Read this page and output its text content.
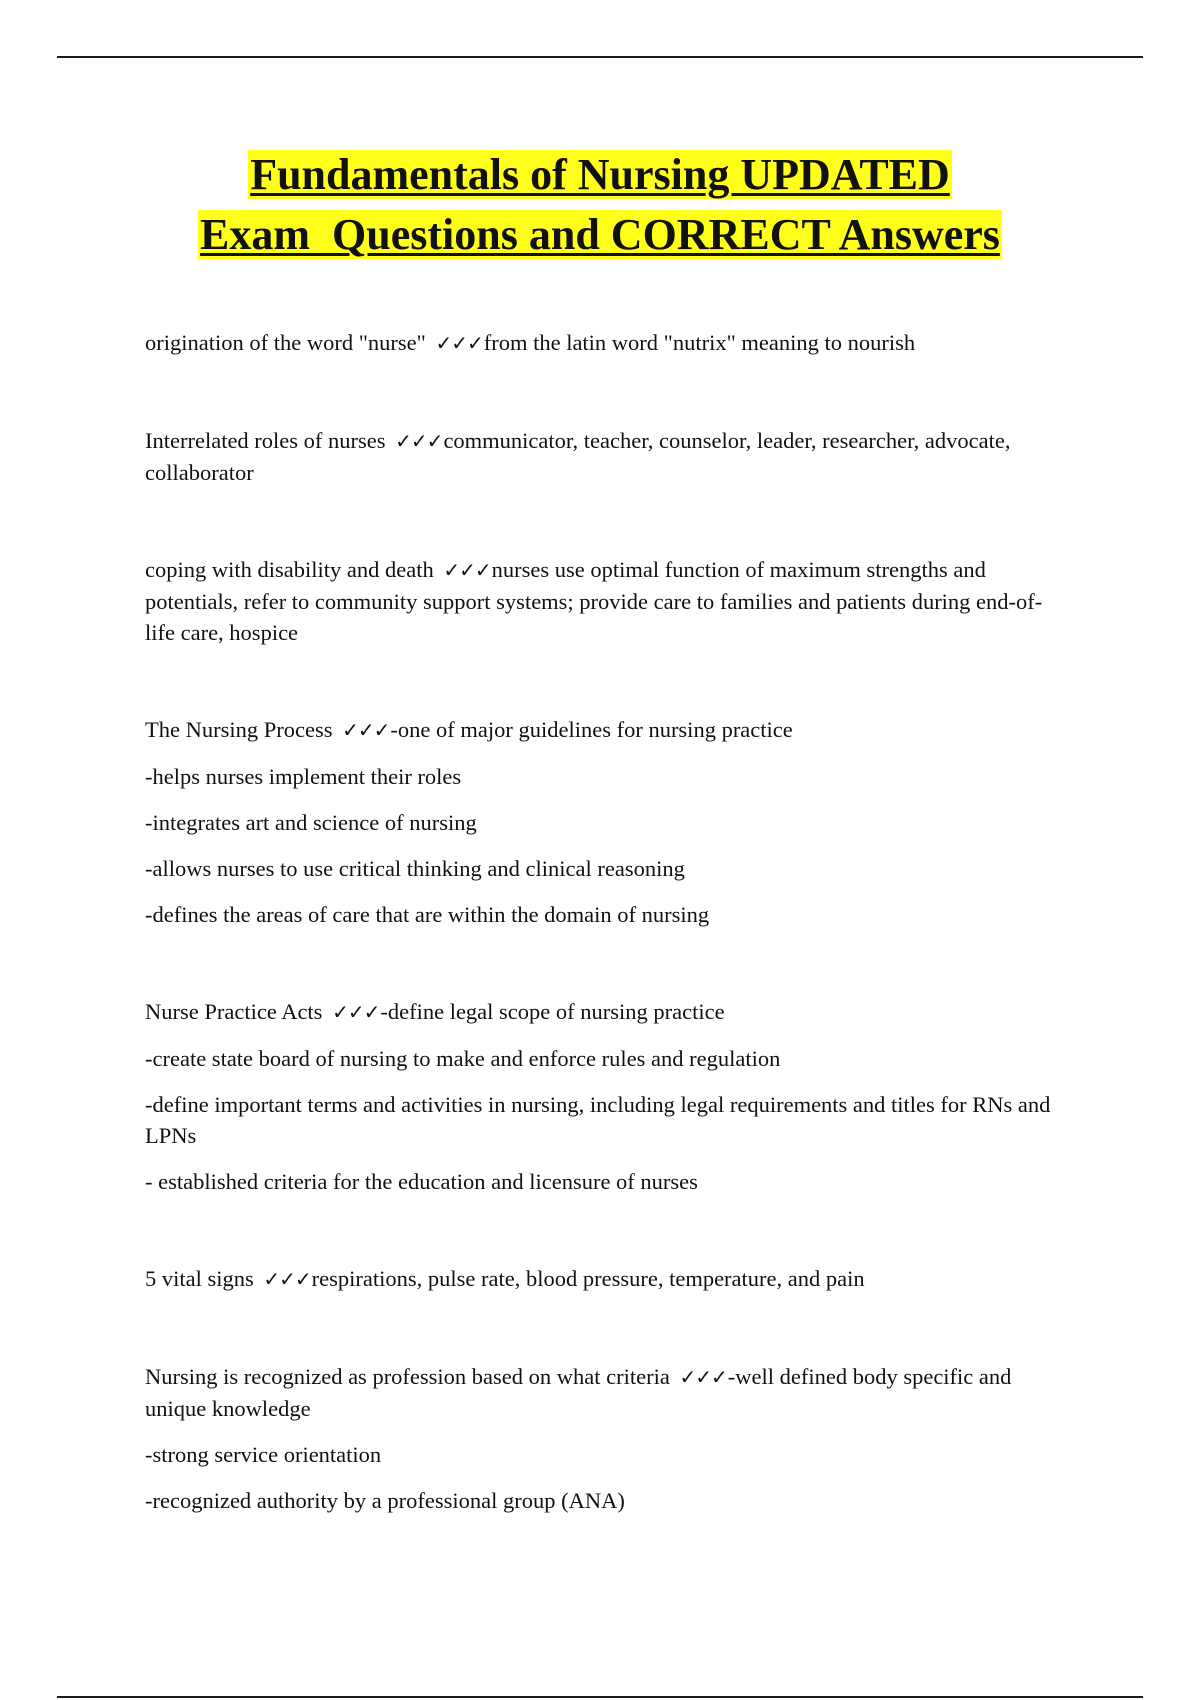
Fundamentals of Nursing UPDATED
Exam  Questions and CORRECT Answers

origination of the word "nurse" ✓✓✓from the latin word "nutrix" meaning to nourish

Interrelated roles of nurses ✓✓✓communicator, teacher, counselor, leader, researcher, advocate, collaborator

coping with disability and death ✓✓✓nurses use optimal function of maximum strengths and potentials, refer to community support systems; provide care to families and patients during end-of-life care, hospice

The Nursing Process ✓✓✓-one of major guidelines for nursing practice

-helps nurses implement their roles

-integrates art and science of nursing

-allows nurses to use critical thinking and clinical reasoning

-defines the areas of care that are within the domain of nursing

Nurse Practice Acts ✓✓✓-define legal scope of nursing practice

-create state board of nursing to make and enforce rules and regulation

-define important terms and activities in nursing, including legal requirements and titles for RNs and LPNs

- established criteria for the education and licensure of nurses

5 vital signs ✓✓✓respirations, pulse rate, blood pressure, temperature, and pain

Nursing is recognized as profession based on what criteria ✓✓✓-well defined body specific and unique knowledge

-strong service orientation

-recognized authority by a professional group (ANA)
